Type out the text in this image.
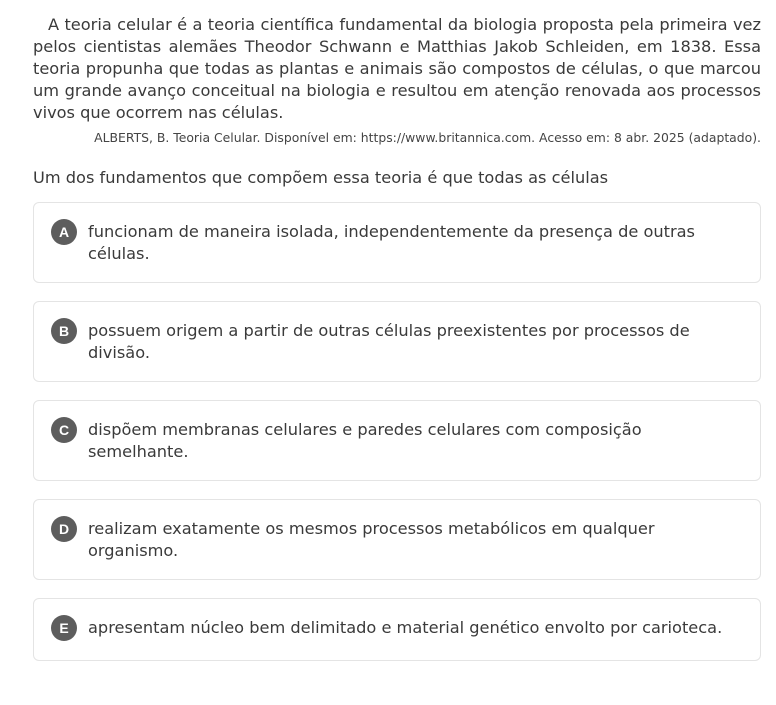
A teoria celular é a teoria científica fundamental da biologia proposta pela primeira vez pelos cientistas alemães Theodor Schwann e Matthias Jakob Schleiden, em 1838. Essa teoria propunha que todas as plantas e animais são compostos de células, o que marcou um grande avanço conceitual na biologia e resultou em atenção renovada aos processos vivos que ocorrem nas células.

ALBERTS, B. Teoria Celular. Disponível em: https://www.britannica.com. Acesso em: 8 abr. 2025 (adaptado).

Um dos fundamentos que compõem essa teoria é que todas as células

A	funcionam de maneira isolada, independentemente da presença de outras células.
B	possuem origem a partir de outras células preexistentes por processos de divisão.
C	dispõem membranas celulares e paredes celulares com composição semelhante.
D	realizam exatamente os mesmos processos metabólicos em qualquer organismo.
E	apresentam núcleo bem delimitado e material genético envolto por carioteca.
